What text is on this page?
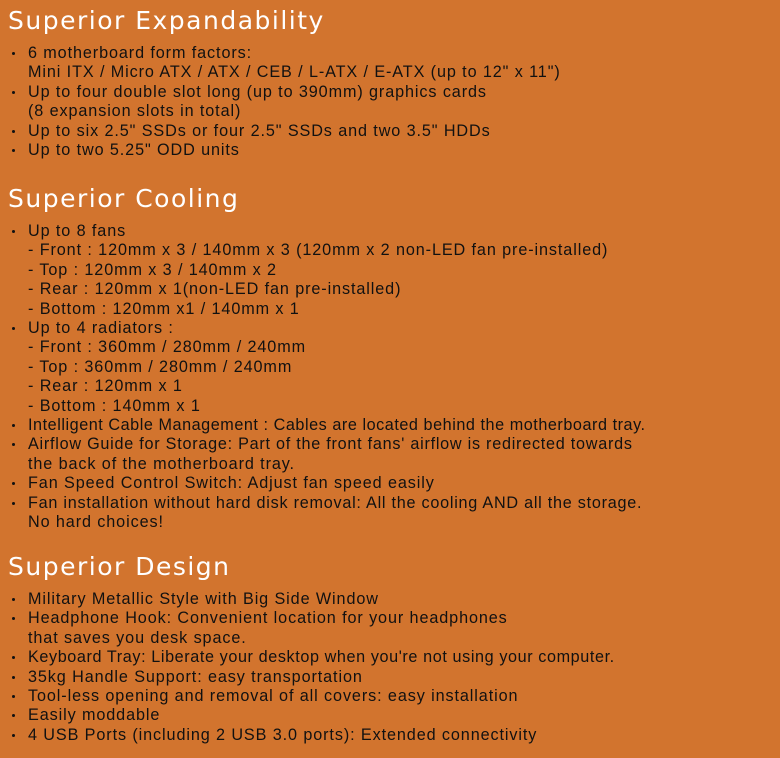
Superior Expandability
6 motherboard form factors:
Mini ITX / Micro ATX / ATX / CEB / L-ATX / E-ATX (up to 12" x 11")
Up to four double slot long (up to 390mm) graphics cards
(8 expansion slots in total)
Up to six 2.5" SSDs or four 2.5" SSDs and two 3.5" HDDs
Up to two 5.25" ODD units
Superior Cooling
Up to 8 fans
- Front : 120mm x 3 / 140mm x 3 (120mm x 2 non-LED fan pre-installed)
- Top : 120mm x 3 / 140mm x 2
- Rear : 120mm x 1(non-LED fan pre-installed)
- Bottom : 120mm x1 / 140mm x 1
Up to 4 radiators :
- Front : 360mm / 280mm / 240mm
- Top : 360mm / 280mm / 240mm
- Rear : 120mm x 1
- Bottom : 140mm x 1
Intelligent Cable Management : Cables are located behind the motherboard tray.
Airflow Guide for Storage: Part of the front fans' airflow is redirected towards
the back of the motherboard tray.
Fan Speed Control Switch: Adjust fan speed easily
Fan installation without hard disk removal: All the cooling AND all the storage.
No hard choices!
Superior Design
Military Metallic Style with Big Side Window
Headphone Hook: Convenient location for your headphones
that saves you desk space.
Keyboard Tray: Liberate your desktop when you're not using your computer.
35kg Handle Support: easy transportation
Tool-less opening and removal of all covers: easy installation
Easily moddable
4 USB Ports (including 2 USB 3.0 ports): Extended connectivity
